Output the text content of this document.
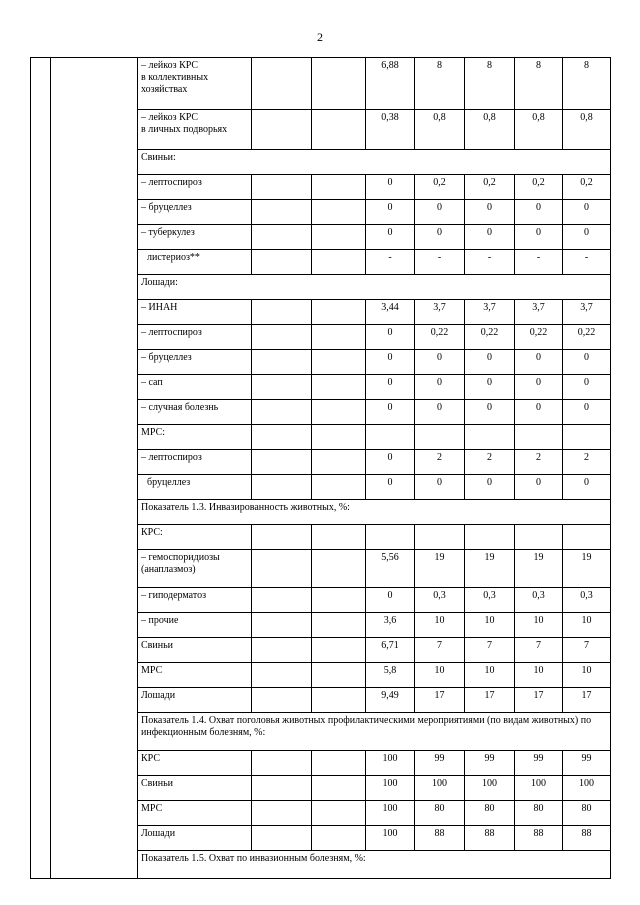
2
– лейкоз КРС
в коллективных
хозяйствах			6,88	8	8	8	8
– лейкоз КРС
в личных подворьях			0,38	0,8	0,8	0,8	0,8
Свиньи:							
– лептоспироз			0	0,2	0,2	0,2	0,2
– бруцеллез			0	0	0	0	0
– туберкулез			0	0	0	0	0
листериоз**			-	-	-	-	-
Лошади:							
– ИНАН			3,44	3,7	3,7	3,7	3,7
– лептоспироз			0	0,22	0,22	0,22	0,22
– бруцеллез			0	0	0	0	0
– сап			0	0	0	0	0
– случная болезнь			0	0	0	0	0
МРС:							
– лептоспироз			0	2	2	2	2
бруцеллез			0	0	0	0	0
Показатель 1.3. Инвазированность животных, %:							
КРС:							
– гемоспоридиозы
(анаплазмоз)			5,56	19	19	19	19
– гиподерматоз			0	0,3	0,3	0,3	0,3
– прочие			3,6	10	10	10	10
Свиньи			6,71	7	7	7	7
МРС			5,8	10	10	10	10
Лошади			9,49	17	17	17	17
Показатель 1.4. Охват поголовья животных профилактическими мероприятиями (по видам животных) по инфекционным болезням, %:							
КРС			100	99	99	99	99
Свиньи			100	100	100	100	100
МРС			100	80	80	80	80
Лошади			100	88	88	88	88
Показатель 1.5. Охват по инвазионным болезням, %:							
